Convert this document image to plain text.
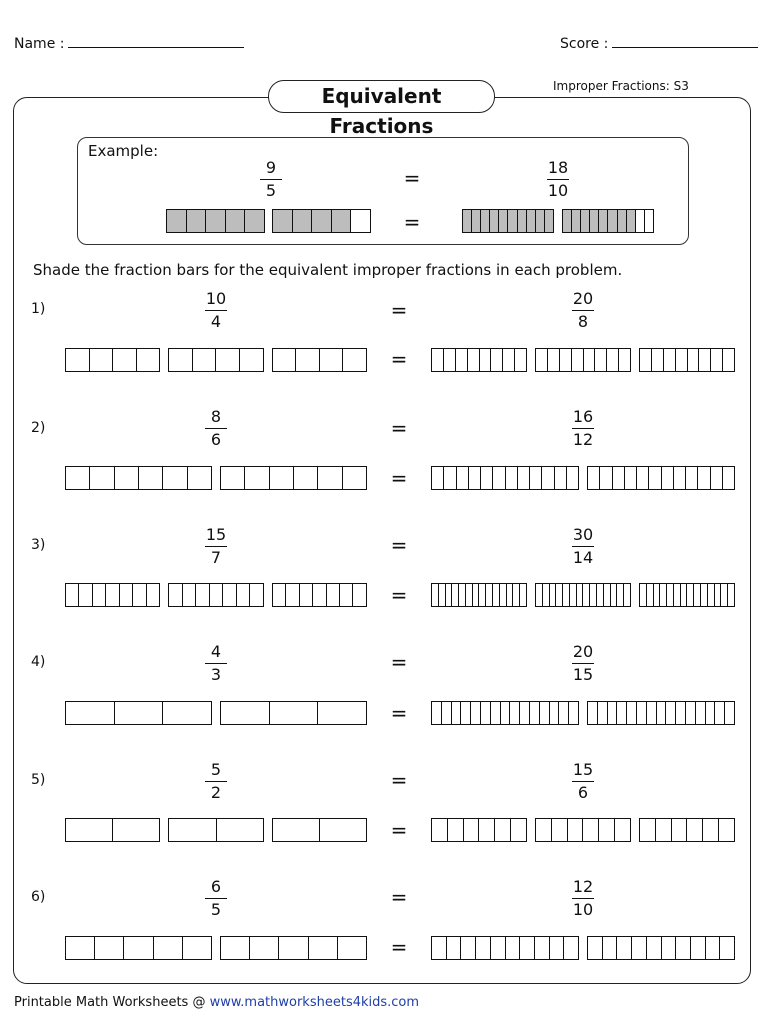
Name :	Score :
Improper Fractions: S3
Equivalent Fractions
Example:
9
5
=	18
10
=
Shade the fraction bars for the equivalent improper fractions in each problem.
1)
10
4	=	20
8
=
2)
8
6	=	16
12
=
3)
15
7
=	30
14
=
4)
4
3
=	20
15
=
5)
5
2
=	15
6
=
6)
6
5
=	12
10
=
Printable Math Worksheets @ www.mathworksheets4kids.com
